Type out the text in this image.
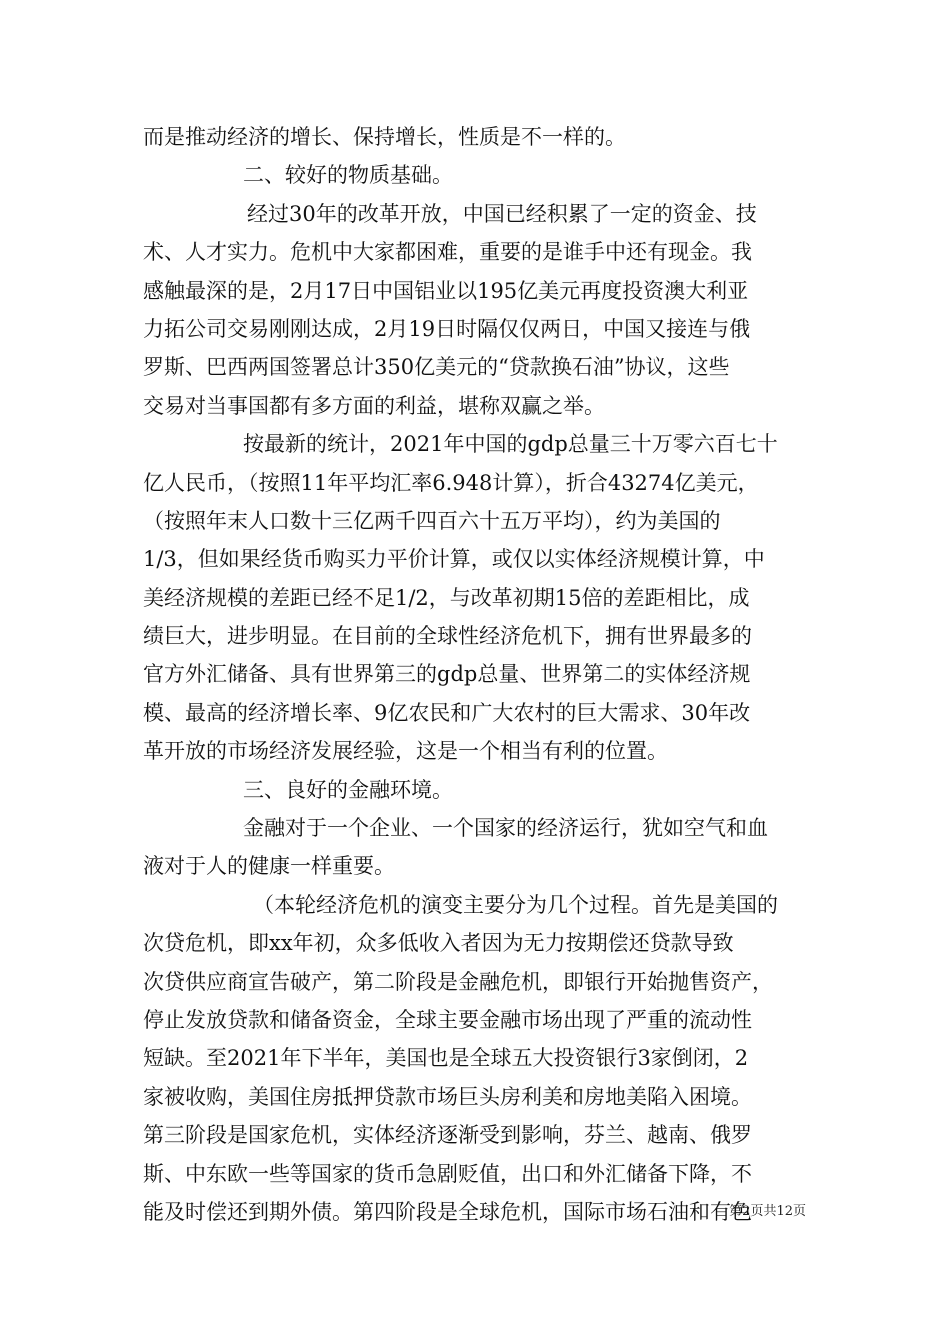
而是推动经济的增长、保持增长，性质是不一样的。
二、较好的物质基础。
经过30年的改革开放，中国已经积累了一定的资金、技
术、人才实力。危机中大家都困难，重要的是谁手中还有现金。我
感触最深的是，2月17日中国铝业以195亿美元再度投资澳大利亚
力拓公司交易刚刚达成，2月19日时隔仅仅两日，中国又接连与俄
罗斯、巴西两国签署总计350亿美元的“贷款换石油”协议，这些
交易对当事国都有多方面的利益，堪称双赢之举。
按最新的统计，2021年中国的gdp总量三十万零六百七十
亿人民币，（按照11年平均汇率6.948计算），折合43274亿美元，
（按照年末人口数十三亿两千四百六十五万平均），约为美国的
1/3，但如果经货币购买力平价计算，或仅以实体经济规模计算，中
美经济规模的差距已经不足1/2，与改革初期15倍的差距相比，成
绩巨大，进步明显。在目前的全球性经济危机下，拥有世界最多的
官方外汇储备、具有世界第三的gdp总量、世界第二的实体经济规
模、最高的经济增长率、9亿农民和广大农村的巨大需求、30年改
革开放的市场经济发展经验，这是一个相当有利的位置。
三、良好的金融环境。
金融对于一个企业、一个国家的经济运行，犹如空气和血
液对于人的健康一样重要。
（本轮经济危机的演变主要分为几个过程。首先是美国的
次贷危机，即xx年初，众多低收入者因为无力按期偿还贷款导致
次贷供应商宣告破产，第二阶段是金融危机，即银行开始抛售资产，
停止发放贷款和储备资金，全球主要金融市场出现了严重的流动性
短缺。至2021年下半年，美国也是全球五大投资银行3家倒闭，2
家被收购，美国住房抵押贷款市场巨头房利美和房地美陷入困境。
第三阶段是国家危机，实体经济逐渐受到影响，芬兰、越南、俄罗
斯、中东欧一些等国家的货币急剧贬值，出口和外汇储备下降，不
能及时偿还到期外债。第四阶段是全球危机，国际市场石油和有色
第2页共12页
